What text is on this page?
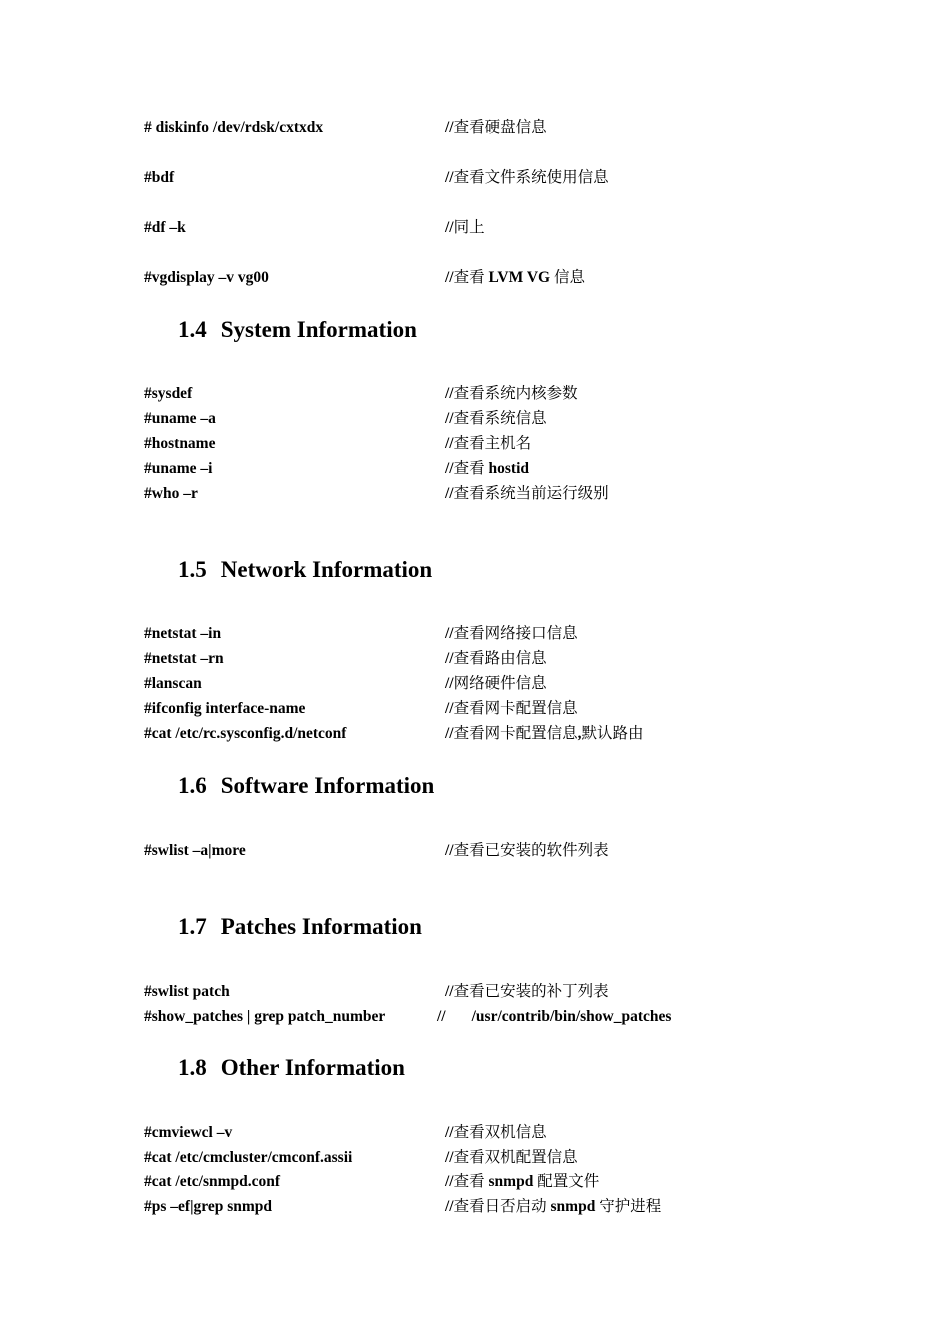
# diskinfo /dev/rdsk/cxtxdx	//查看硬盘信息
#bdf	//查看文件系统使用信息
#df –k	//同上
#vgdisplay –v vg00	//查看 LVM VG 信息
1.4 System Information
#sysdef	//查看系统内核参数
#uname –a	//查看系统信息
#hostname	//查看主机名
#uname –i	//查看 hostid
#who –r	//查看系统当前运行级别
1.5 Network Information
#netstat –in	//查看网络接口信息
#netstat –rn	//查看路由信息
#lanscan	//网络硬件信息
#ifconfig interface-name	//查看网卡配置信息
#cat /etc/rc.sysconfig.d/netconf	//查看网卡配置信息,默认路由
1.6 Software Information
#swlist –a|more	//查看已安装的软件列表
1.7 Patches Information
#swlist patch	//查看已安装的补丁列表
#show_patches | grep patch_number	// /usr/contrib/bin/show_patches
1.8 Other Information
#cmviewcl –v	//查看双机信息
#cat /etc/cmcluster/cmconf.assii	//查看双机配置信息
#cat /etc/snmpd.conf	//查看 snmpd 配置文件
#ps –ef|grep snmpd	//查看日否启动 snmpd 守护进程
